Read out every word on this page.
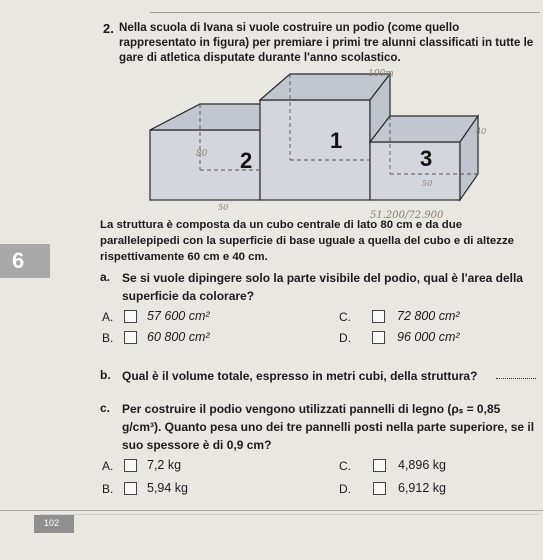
2. Nella scuola di Ivana si vuole costruire un podio (come quello rappresentato in figura) per premiare i primi tre alunni classificati in tutte le gare di atletica disputate durante l'anno scolastico.
2
1
3
100m
40
80
50
50
51.200/72.900
La struttura è composta da un cubo centrale di lato 80 cm e da due parallelepipedi con la superficie di base uguale a quella del cubo e di altezze rispettivamente 60 cm e 40 cm.
6
a. Se si vuole dipingere solo la parte visibile del podio, qual è l'area della superficie da colorare?
A.	57 600 cm²
B.	60 800 cm²
C.	72 800 cm²
D.	96 000 cm²
b. Qual è il volume totale, espresso in metri cubi, della struttura?
c. Per costruire il podio vengono utilizzati pannelli di legno (ρₛ = 0,85 g/cm³). Quanto pesa uno dei tre pannelli posti nella parte superiore, se il suo spessore è di 0,9 cm?
A.	7,2 kg
B.	5,94 kg
C.	4,896 kg
D.	6,912 kg
102
